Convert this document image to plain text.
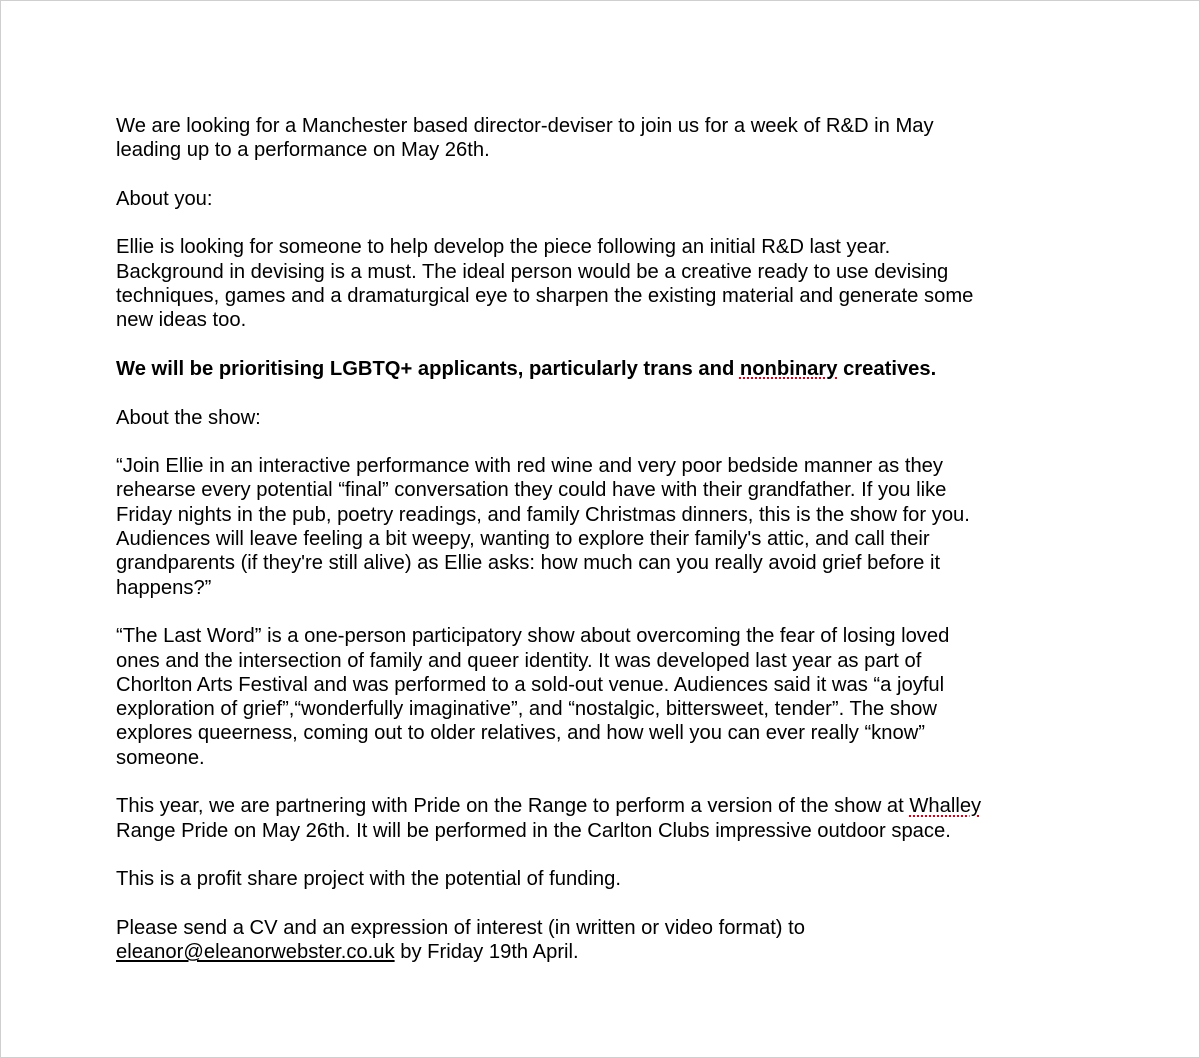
We are looking for a Manchester based director-deviser to join us for a week of R&D in May
leading up to a performance on May 26th.

About you:

Ellie is looking for someone to help develop the piece following an initial R&D last year.
Background in devising is a must. The ideal person would be a creative ready to use devising
techniques, games and a dramaturgical eye to sharpen the existing material and generate some
new ideas too.

We will be prioritising LGBTQ+ applicants, particularly trans and nonbinary creatives.

About the show:

“Join Ellie in an interactive performance with red wine and very poor bedside manner as they
rehearse every potential “final” conversation they could have with their grandfather. If you like
Friday nights in the pub, poetry readings, and family Christmas dinners, this is the show for you.
Audiences will leave feeling a bit weepy, wanting to explore their family's attic, and call their
grandparents (if they're still alive) as Ellie asks: how much can you really avoid grief before it
happens?”

“The Last Word” is a one-person participatory show about overcoming the fear of losing loved
ones and the intersection of family and queer identity. It was developed last year as part of
Chorlton Arts Festival and was performed to a sold-out venue. Audiences said it was “a joyful
exploration of grief”,“wonderfully imaginative”, and “nostalgic, bittersweet, tender”. The show
explores queerness, coming out to older relatives, and how well you can ever really “know”
someone.

This year, we are partnering with Pride on the Range to perform a version of the show at Whalley
Range Pride on May 26th. It will be performed in the Carlton Clubs impressive outdoor space.

This is a profit share project with the potential of funding.

Please send a CV and an expression of interest (in written or video format) to
eleanor@eleanorwebster.co.uk by Friday 19th April.
